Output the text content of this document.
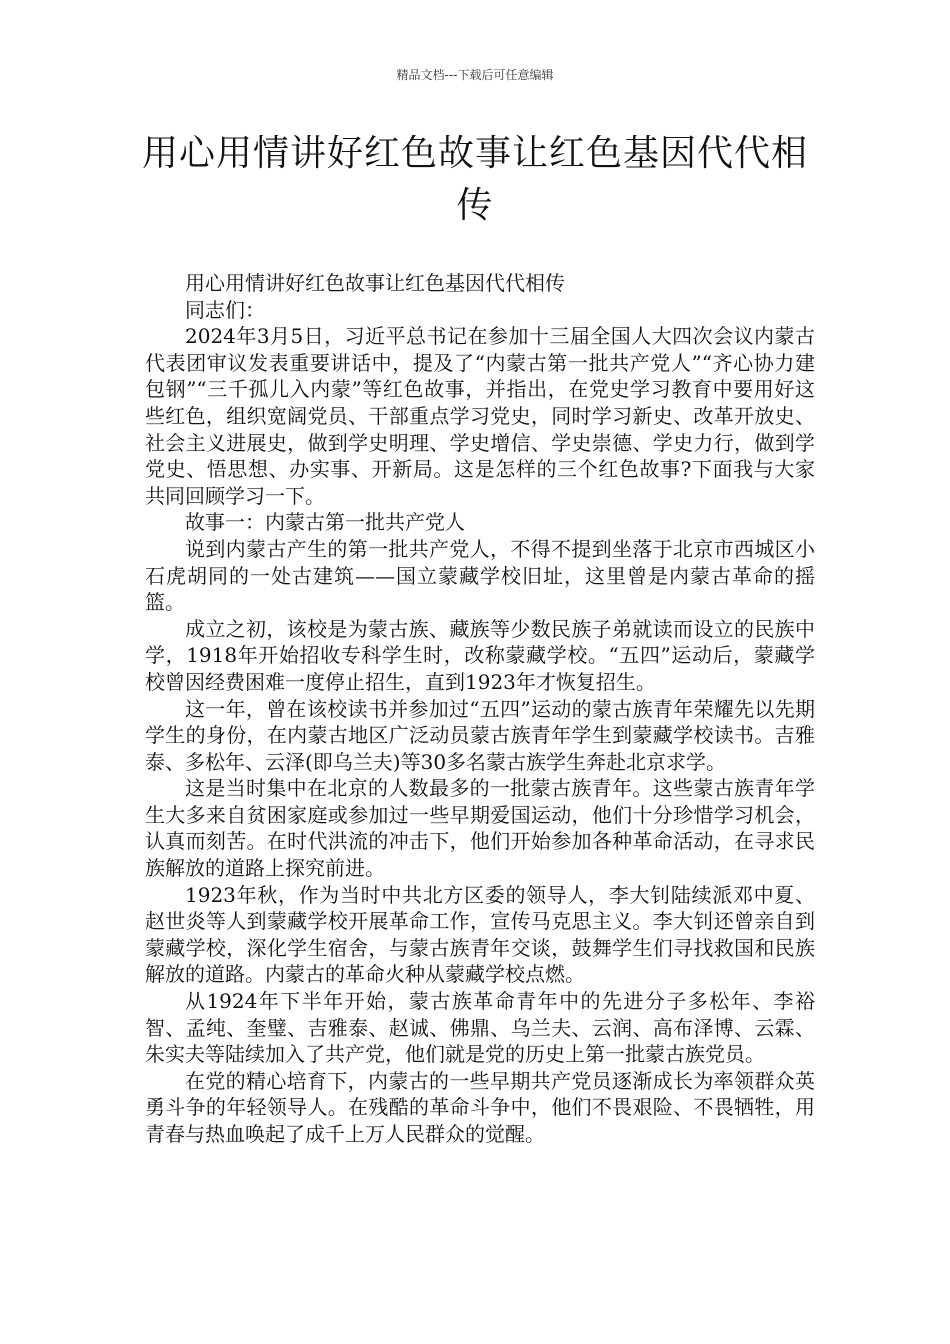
精品文档---下载后可任意编辑
用心用情讲好红色故事让红色基因代代相传

用心用情讲好红色故事让红色基因代代相传

同志们：

2024年3月5日，习近平总书记在参加十三届全国人大四次会议内蒙古代表团审议发表重要讲话中，提及了“内蒙古第一批共产党人”“齐心协力建包钢”“三千孤儿入内蒙”等红色故事，并指出，在党史学习教育中要用好这些红色，组织宽阔党员、干部重点学习党史，同时学习新史、改革开放史、社会主义进展史，做到学史明理、学史增信、学史崇德、学史力行，做到学党史、悟思想、办实事、开新局。这是怎样的三个红色故事?下面我与大家共同回顾学习一下。

故事一：内蒙古第一批共产党人

说到内蒙古产生的第一批共产党人，不得不提到坐落于北京市西城区小石虎胡同的一处古建筑——国立蒙藏学校旧址，这里曾是内蒙古革命的摇篮。

成立之初，该校是为蒙古族、藏族等少数民族子弟就读而设立的民族中学，1918年开始招收专科学生时，改称蒙藏学校。“五四”运动后，蒙藏学校曾因经费困难一度停止招生，直到1923年才恢复招生。

这一年，曾在该校读书并参加过“五四”运动的蒙古族青年荣耀先以先期学生的身份，在内蒙古地区广泛动员蒙古族青年学生到蒙藏学校读书。吉雅泰、多松年、云泽(即乌兰夫)等30多名蒙古族学生奔赴北京求学。

这是当时集中在北京的人数最多的一批蒙古族青年。这些蒙古族青年学生大多来自贫困家庭或参加过一些早期爱国运动，他们十分珍惜学习机会，认真而刻苦。在时代洪流的冲击下，他们开始参加各种革命活动，在寻求民族解放的道路上探究前进。

1923年秋，作为当时中共北方区委的领导人，李大钊陆续派邓中夏、赵世炎等人到蒙藏学校开展革命工作，宣传马克思主义。李大钊还曾亲自到蒙藏学校，深化学生宿舍，与蒙古族青年交谈，鼓舞学生们寻找救国和民族解放的道路。内蒙古的革命火种从蒙藏学校点燃。

从1924年下半年开始，蒙古族革命青年中的先进分子多松年、李裕智、孟纯、奎璧、吉雅泰、赵诚、佛鼎、乌兰夫、云润、高布泽博、云霖、朱实夫等陆续加入了共产党，他们就是党的历史上第一批蒙古族党员。

在党的精心培育下，内蒙古的一些早期共产党员逐渐成长为率领群众英勇斗争的年轻领导人。在残酷的革命斗争中，他们不畏艰险、不畏牺牲，用青春与热血唤起了成千上万人民群众的觉醒。
